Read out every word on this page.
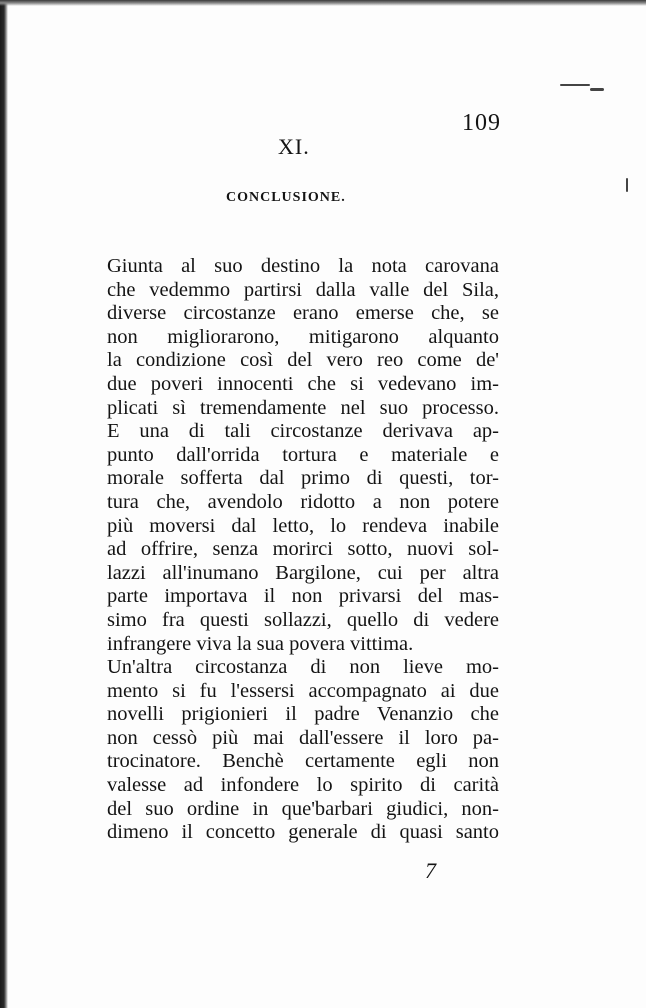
109
XI.
CONCLUSIONE.
Giunta al suo destino la nota carovana
che vedemmo partirsi dalla valle del Sila,
diverse circostanze erano emerse che, se
non migliorarono, mitigarono alquanto
la condizione così del vero reo come de'
due poveri innocenti che si vedevano im-
plicati sì tremendamente nel suo processo.
E una di tali circostanze derivava ap-
punto dall'orrida tortura e materiale e
morale sofferta dal primo di questi, tor-
tura che, avendolo ridotto a non potere
più moversi dal letto, lo rendeva inabile
ad offrire, senza morirci sotto, nuovi sol-
lazzi all'inumano Bargilone, cui per altra
parte importava il non privarsi del mas-
simo fra questi sollazzi, quello di vedere
infrangere viva la sua povera vittima.
Un'altra circostanza di non lieve mo-
mento si fu l'essersi accompagnato ai due
novelli prigionieri il padre Venanzio che
non cessò più mai dall'essere il loro pa-
trocinatore. Benchè certamente egli non
valesse ad infondere lo spirito di carità
del suo ordine in que'barbari giudici, non-
dimeno il concetto generale di quasi santo
7
